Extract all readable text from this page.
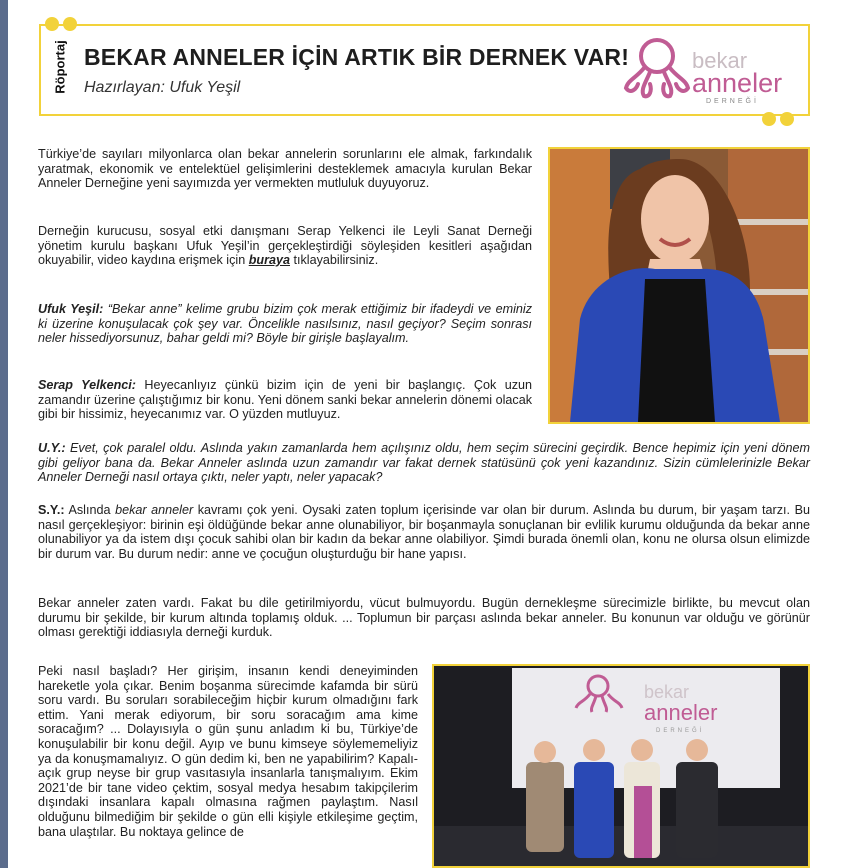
Röportaj BEKAR ANNELER İÇİN ARTIK BİR DERNEK VAR!
Hazırlayan: Ufuk Yeşil
bekar
anneler
DERNEĞİ

Türkiye’de sayıları milyonlarca olan bekar annelerin sorunlarını ele almak, farkındalık yaratmak, ekonomik ve entelektüel gelişimlerini desteklemek amacıyla kurulan Bekar Anneler Derneğine yeni sayımızda yer vermekten mutluluk duyuyoruz.

Derneğin kurucusu, sosyal etki danışmanı Serap Yelkenci ile Leyli Sanat Derneği yönetim kurulu başkanı Ufuk Yeşil’in gerçekleştirdiği söyleşiden kesitleri aşağıdan okuyabilir, video kaydına erişmek için buraya tıklayabilirsiniz.

Ufuk Yeşil: “Bekar anne” kelime grubu bizim çok merak ettiğimiz bir ifadeydi ve eminiz ki üzerine konuşulacak çok şey var. Öncelikle nasılsınız, nasıl geçiyor? Seçim sonrası neler hissediyorsunuz, bahar geldi mi? Böyle bir girişle başlayalım.

Serap Yelkenci: Heyecanlıyız çünkü bizim için de yeni bir başlangıç. Çok uzun zamandır üzerine çalıştığımız bir konu. Yeni dönem sanki bekar annelerin dönemi olacak gibi bir hissimiz, heyecanımız var. O yüzden mutluyuz.

U.Y.: Evet, çok paralel oldu. Aslında yakın zamanlarda hem açılışınız oldu, hem seçim sürecini geçirdik. Bence hepimiz için yeni dönem gibi geliyor bana da. Bekar Anneler aslında uzun zamandır var fakat dernek statüsünü çok yeni kazandınız. Sizin cümlelerinizle Bekar Anneler Derneği nasıl ortaya çıktı, neler yaptı, neler yapacak?

S.Y.: Aslında bekar anneler kavramı çok yeni. Oysaki zaten toplum içerisinde var olan bir durum. Aslında bu durum, bir yaşam tarzı. Bu nasıl gerçekleşiyor: birinin eşi öldüğünde bekar anne olunabiliyor, bir boşanmayla sonuçlanan bir evlilik kurumu olduğunda da bekar anne olunabiliyor ya da istem dışı çocuk sahibi olan bir kadın da bekar anne olabiliyor. Şimdi burada önemli olan, konu ne olursa olsun elimizde bir durum var. Bu durum nedir: anne ve çocuğun oluşturduğu bir hane yapısı.

Bekar anneler zaten vardı. Fakat bu dile getirilmiyordu, vücut bulmuyordu. Bugün dernekleşme sürecimizle birlikte, bu mevcut olan durumu bir şekilde, bir kurum altında toplamış olduk. ... Toplumun bir parçası aslında bekar anneler. Bu konunun var olduğu ve görünür olması gerektiği iddiasıyla derneği kurduk.

Peki nasıl başladı? Her girişim, insanın kendi deneyiminden hareketle yola çıkar. Benim boşanma sürecimde kafamda bir sürü soru vardı. Bu soruları sorabileceğim hiçbir kurum olmadığını fark ettim. Yani merak ediyorum, bir soru soracağım ama kime soracağım? ... Dolayısıyla o gün şunu anladım ki bu, Türkiye’de konuşulabilir bir konu değil. Ayıp ve bunu kimseye söylememeliyiz ya da konuşmamalıyız. O gün dedim ki, ben ne yapabilirim? Kapalı-açık grup neyse bir grup vasıtasıyla insanlarla tanışmalıyım. Ekim 2021’de bir tane video çektim, sosyal medya hesabım takipçilerim dışındaki insanlara kapalı olmasına rağmen paylaştım. Nasıl olduğunu bilmediğim bir şekilde o gün elli kişiyle etkileşime geçtim, bana ulaştılar. Bu noktaya gelince de

bekar
anneler
DERNEĞİ
